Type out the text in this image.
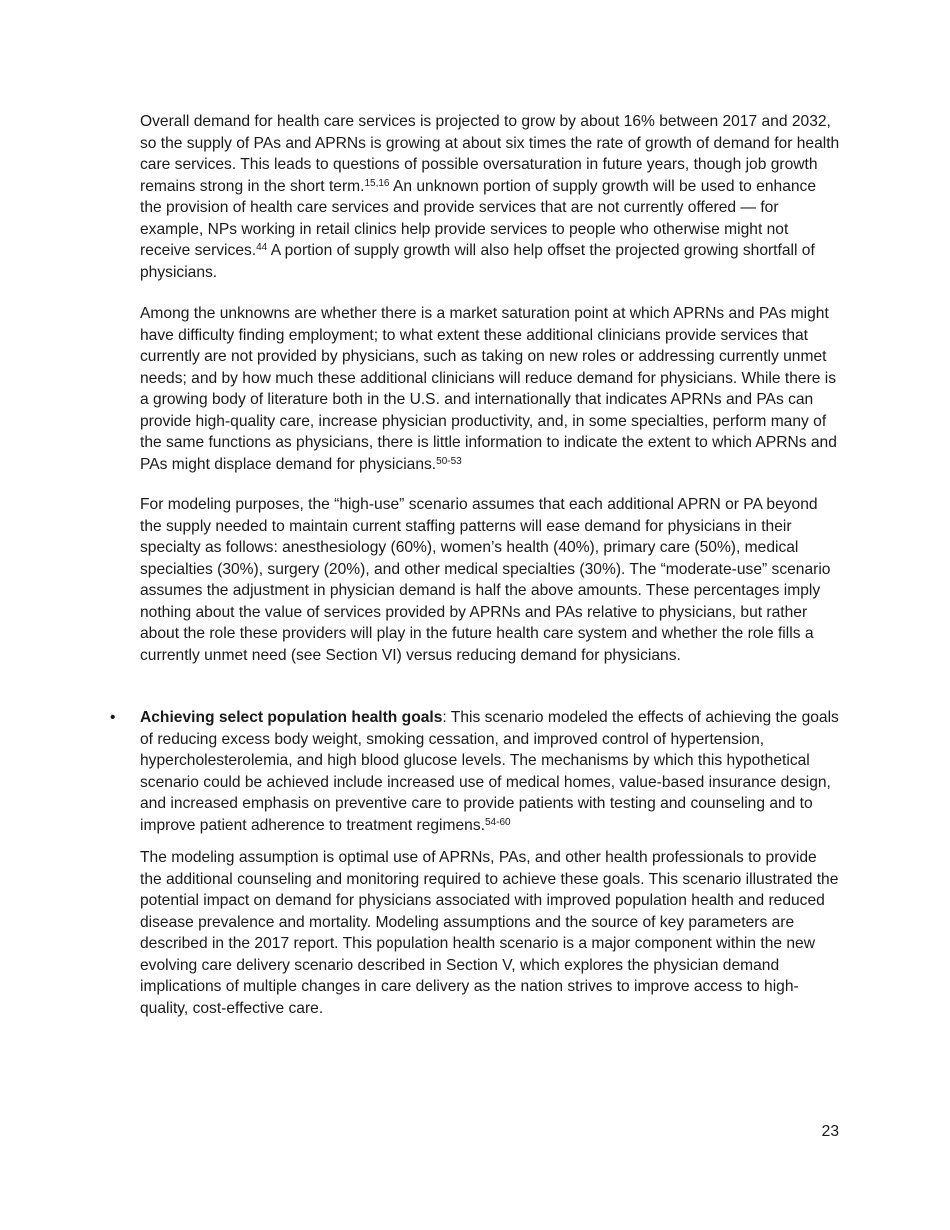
Overall demand for health care services is projected to grow by about 16% between 2017 and 2032, so the supply of PAs and APRNs is growing at about six times the rate of growth of demand for health care services. This leads to questions of possible oversaturation in future years, though job growth remains strong in the short term.$^{15,16}$ An unknown portion of supply growth will be used to enhance the provision of health care services and provide services that are not currently offered — for example, NPs working in retail clinics help provide services to people who otherwise might not receive services.$^{44}$ A portion of supply growth will also help offset the projected growing shortfall of physicians.

Among the unknowns are whether there is a market saturation point at which APRNs and PAs might have difficulty finding employment; to what extent these additional clinicians provide services that currently are not provided by physicians, such as taking on new roles or addressing currently unmet needs; and by how much these additional clinicians will reduce demand for physicians. While there is a growing body of literature both in the U.S. and internationally that indicates APRNs and PAs can provide high-quality care, increase physician productivity, and, in some specialties, perform many of the same functions as physicians, there is little information to indicate the extent to which APRNs and PAs might displace demand for physicians.$^{50-53}$

For modeling purposes, the “high-use” scenario assumes that each additional APRN or PA beyond the supply needed to maintain current staffing patterns will ease demand for physicians in their specialty as follows: anesthesiology (60%), women’s health (40%), primary care (50%), medical specialties (30%), surgery (20%), and other medical specialties (30%). The “moderate-use” scenario assumes the adjustment in physician demand is half the above amounts. These percentages imply nothing about the value of services provided by APRNs and PAs relative to physicians, but rather about the role these providers will play in the future health care system and whether the role fills a currently unmet need (see Section VI) versus reducing demand for physicians.

• Achieving select population health goals: This scenario modeled the effects of achieving the goals of reducing excess body weight, smoking cessation, and improved control of hypertension, hypercholesterolemia, and high blood glucose levels. The mechanisms by which this hypothetical scenario could be achieved include increased use of medical homes, value-based insurance design, and increased emphasis on preventive care to provide patients with testing and counseling and to improve patient adherence to treatment regimens.$^{54-60}$

The modeling assumption is optimal use of APRNs, PAs, and other health professionals to provide the additional counseling and monitoring required to achieve these goals. This scenario illustrated the potential impact on demand for physicians associated with improved population health and reduced disease prevalence and mortality. Modeling assumptions and the source of key parameters are described in the 2017 report. This population health scenario is a major component within the new evolving care delivery scenario described in Section V, which explores the physician demand implications of multiple changes in care delivery as the nation strives to improve access to high-quality, cost-effective care.

23
